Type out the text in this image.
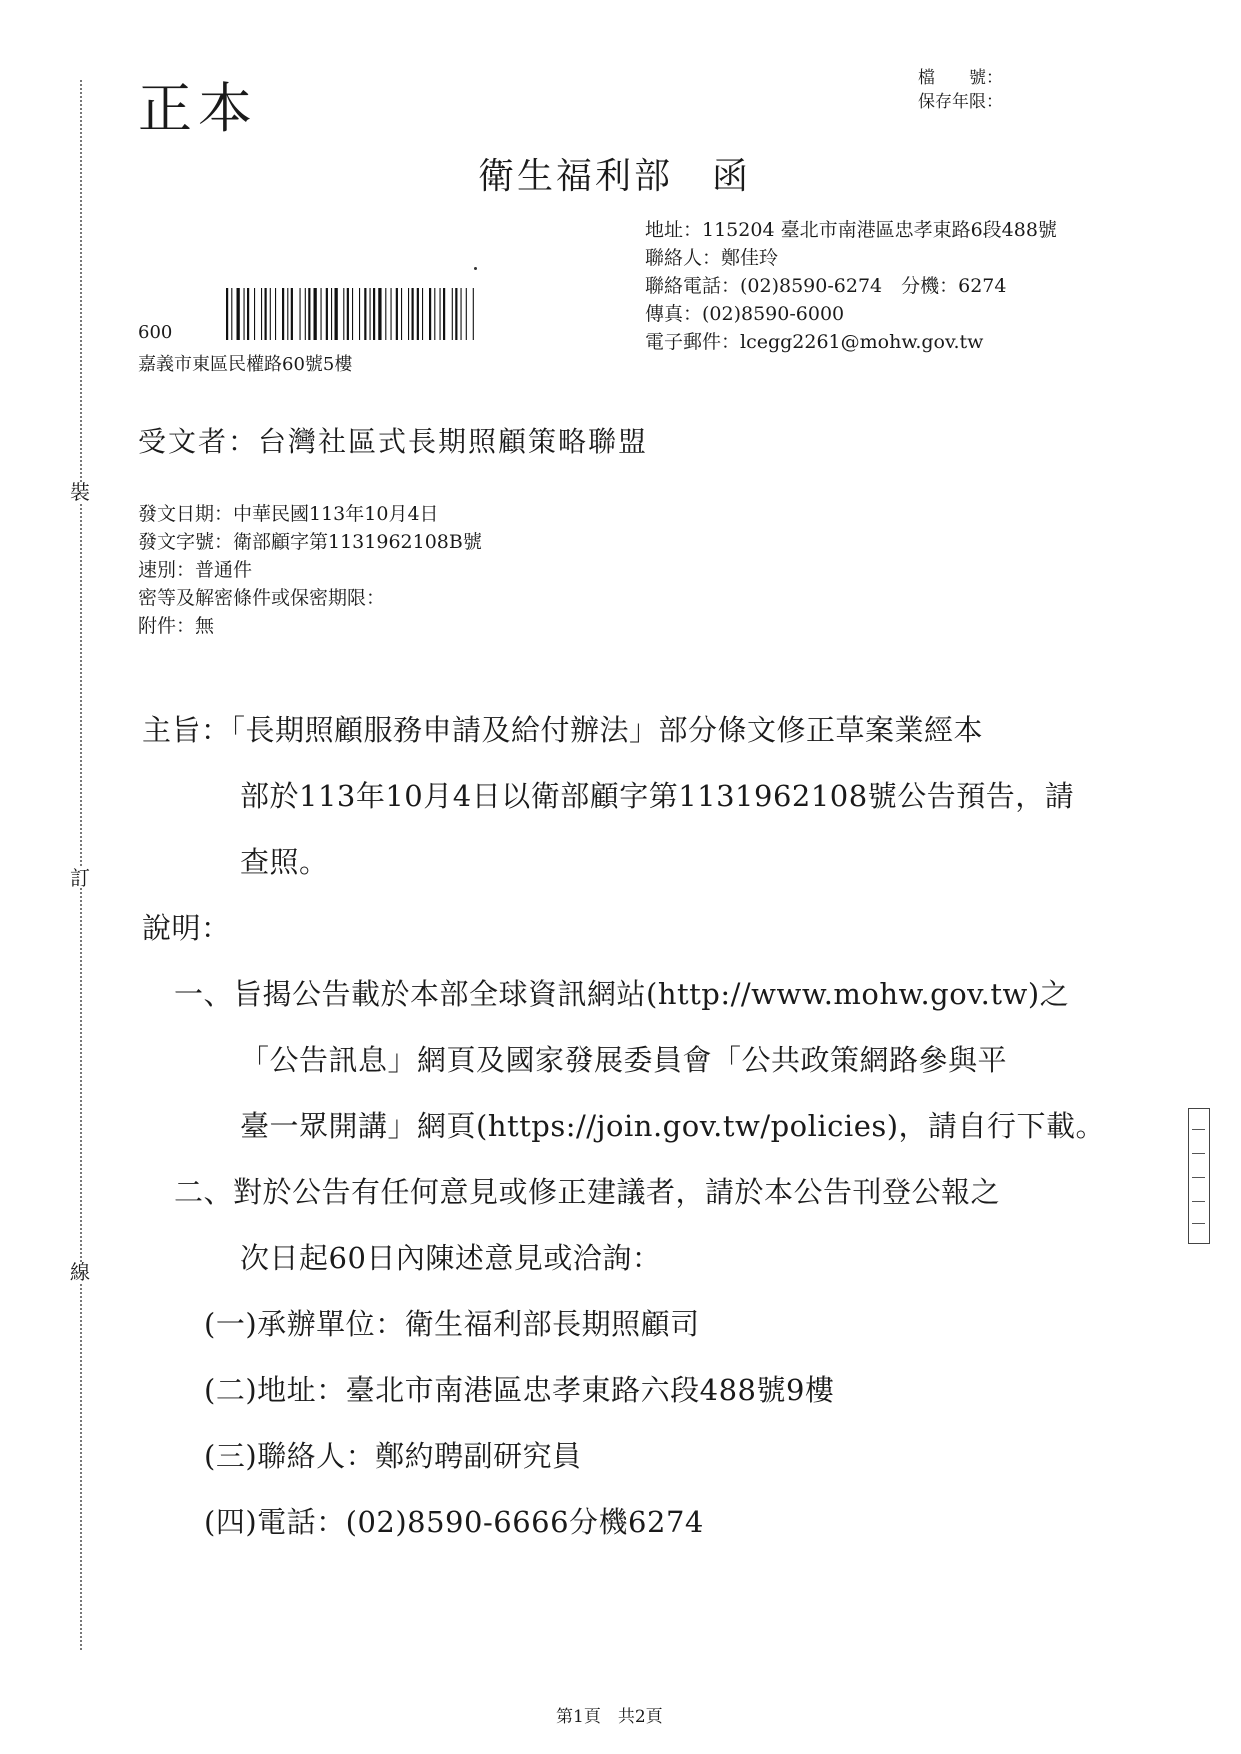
裝
訂
線
正本	檔　　號：
保存年限：
衛生福利部　函
地址：115204 臺北市南港區忠孝東路6段488號
聯絡人：鄭佳玲
聯絡電話：(02)8590-6274　分機：6274
傳真：(02)8590-6000
電子郵件：lcegg2261@mohw.gov.tw
600
嘉義市東區民權路60號5樓
受文者：台灣社區式長期照顧策略聯盟
發文日期：中華民國113年10月4日
發文字號：衛部顧字第1131962108B號
速別：普通件
密等及解密條件或保密期限：
附件：無
主旨：「長期照顧服務申請及給付辦法」部分條文修正草案業經本
部於113年10月4日以衛部顧字第1131962108號公告預告，請
查照。
說明：
一、旨揭公告載於本部全球資訊網站(http://www.mohw.gov.tw)之
「公告訊息」網頁及國家發展委員會「公共政策網路參與平
臺一眾開講」網頁(https://join.gov.tw/policies)，請自行下載。
二、對於公告有任何意見或修正建議者，請於本公告刊登公報之
次日起60日內陳述意見或洽詢：
(一)承辦單位：衛生福利部長期照顧司
(二)地址：臺北市南港區忠孝東路六段488號9樓
(三)聯絡人：鄭約聘副研究員
(四)電話：(02)8590-6666分機6274
第1頁　共2頁
